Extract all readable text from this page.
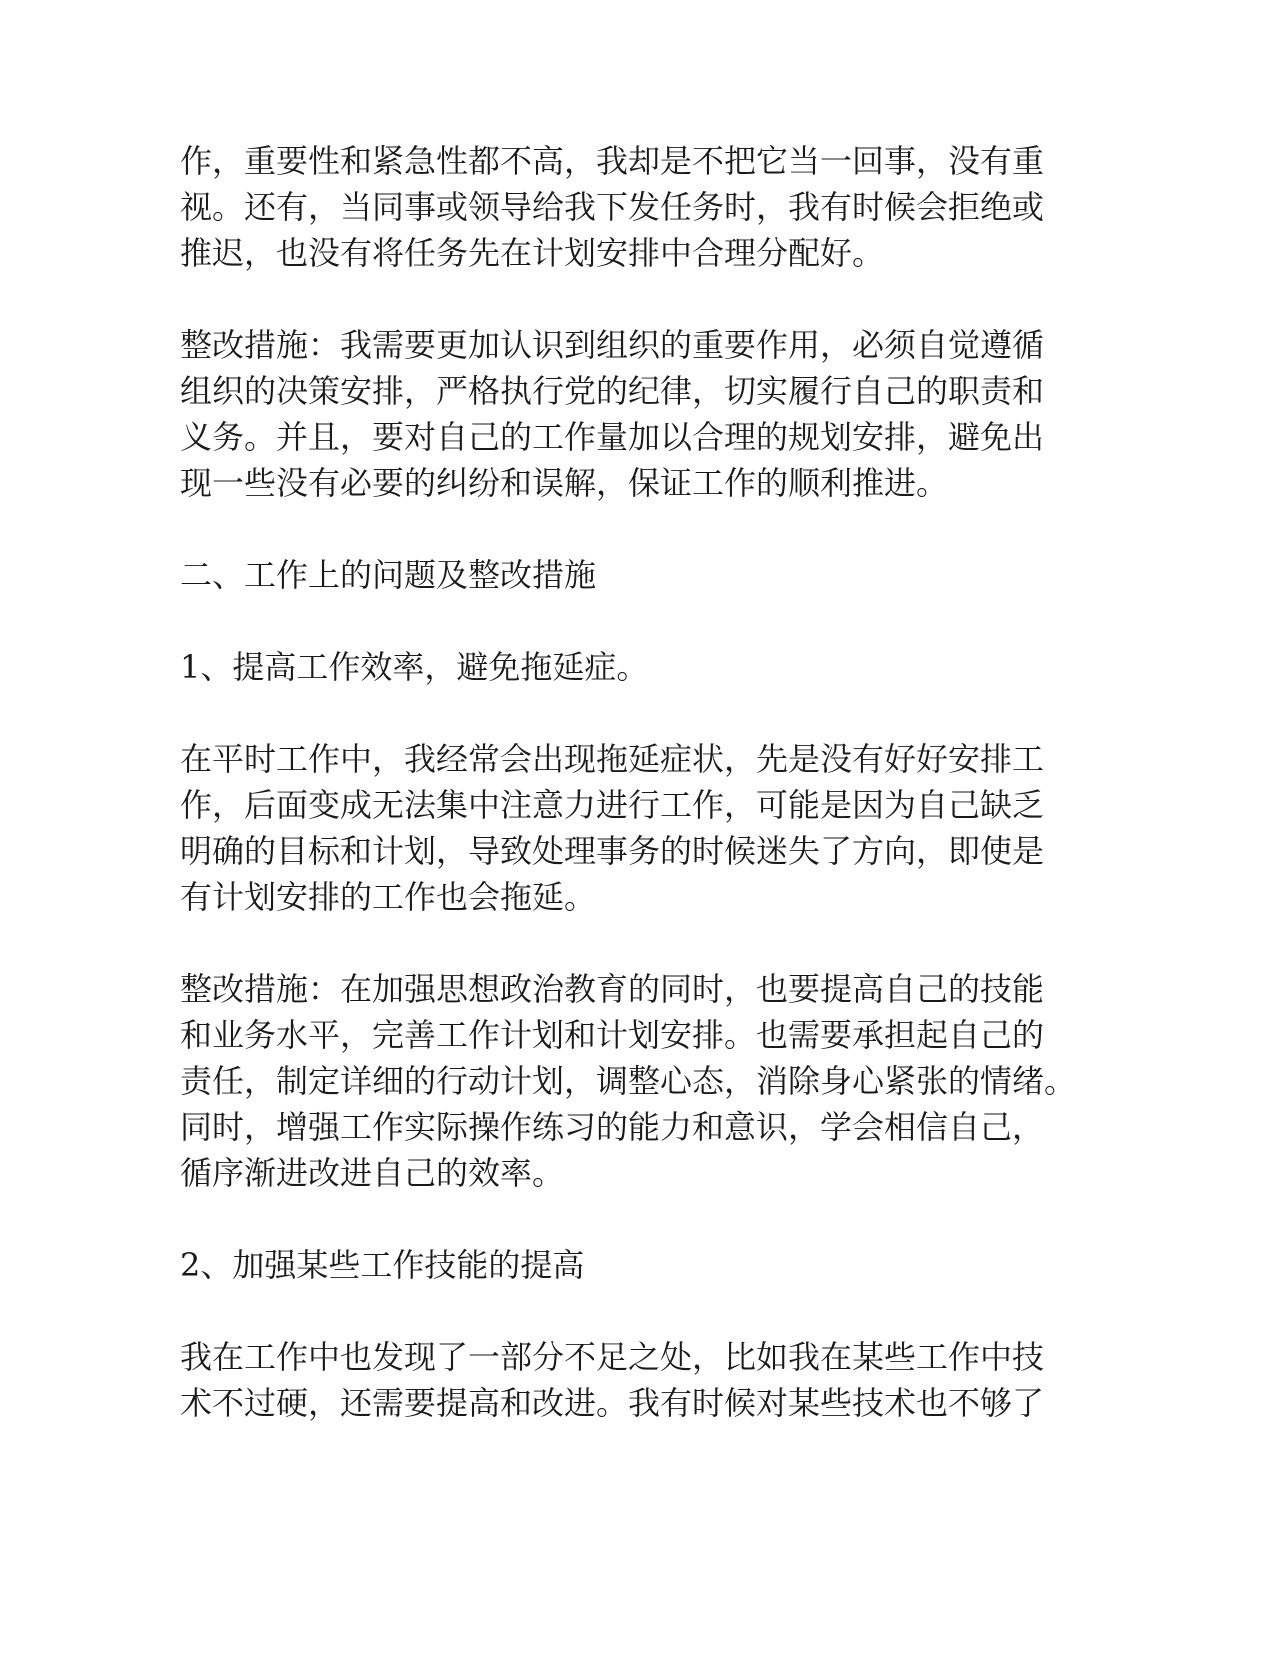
作，重要性和紧急性都不高，我却是不把它当一回事，没有重
视。还有，当同事或领导给我下发任务时，我有时候会拒绝或
推迟，也没有将任务先在计划安排中合理分配好。

整改措施：我需要更加认识到组织的重要作用，必须自觉遵循
组织的决策安排，严格执行党的纪律，切实履行自己的职责和
义务。并且，要对自己的工作量加以合理的规划安排，避免出
现一些没有必要的纠纷和误解，保证工作的顺利推进。

二、工作上的问题及整改措施

1、提高工作效率，避免拖延症。

在平时工作中，我经常会出现拖延症状，先是没有好好安排工
作，后面变成无法集中注意力进行工作，可能是因为自己缺乏
明确的目标和计划，导致处理事务的时候迷失了方向，即使是
有计划安排的工作也会拖延。

整改措施：在加强思想政治教育的同时，也要提高自己的技能
和业务水平，完善工作计划和计划安排。也需要承担起自己的
责任，制定详细的行动计划，调整心态，消除身心紧张的情绪。
同时，增强工作实际操作练习的能力和意识，学会相信自己，
循序渐进改进自己的效率。

2、加强某些工作技能的提高

我在工作中也发现了一部分不足之处，比如我在某些工作中技
术不过硬，还需要提高和改进。我有时候对某些技术也不够了
